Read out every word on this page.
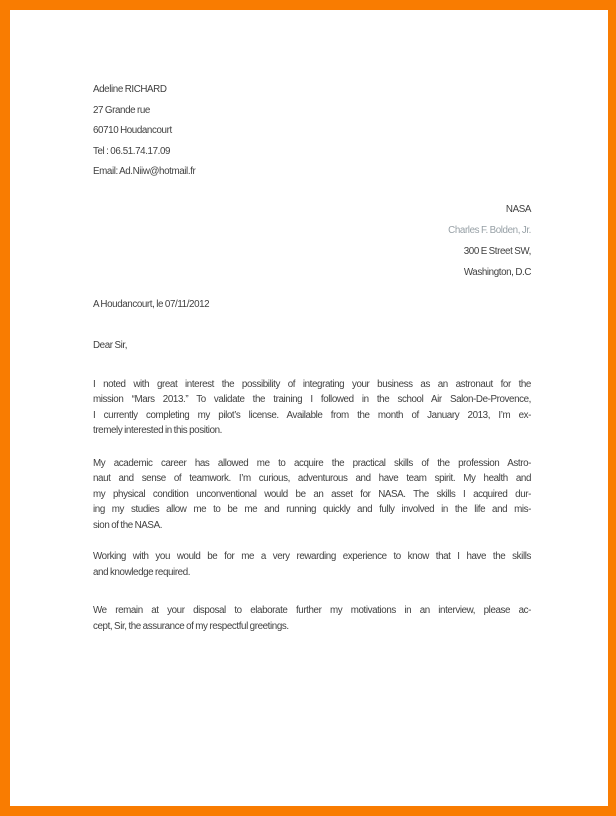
Adeline RICHARD
27 Grande rue
60710 Houdancourt
Tel : 06.51.74.17.09
Email: Ad.Niiw@hotmail.fr
NASA
Charles F. Bolden, Jr.
300 E Street SW,
Washington, D.C
A Houdancourt, le 07/11/2012
Dear Sir,
I noted with great interest the possibility of integrating your business as an astronaut for the
mission “Mars 2013.” To validate the training I followed in the school Air Salon-De-Provence,
I currently completing my pilot’s license. Available from the month of January 2013, I’m ex-
tremely interested in this position.
My academic career has allowed me to acquire the practical skills of the profession Astro-
naut and sense of teamwork. I’m curious, adventurous and have team spirit. My health and
my physical condition unconventional would be an asset for NASA. The skills I acquired dur-
ing my studies allow me to be me and running quickly and fully involved in the life and mis-
sion of the NASA.
Working with you would be for me a very rewarding experience to know that I have the skills
and knowledge required.
We remain at your disposal to elaborate further my motivations in an interview, please ac-
cept, Sir, the assurance of my respectful greetings.
